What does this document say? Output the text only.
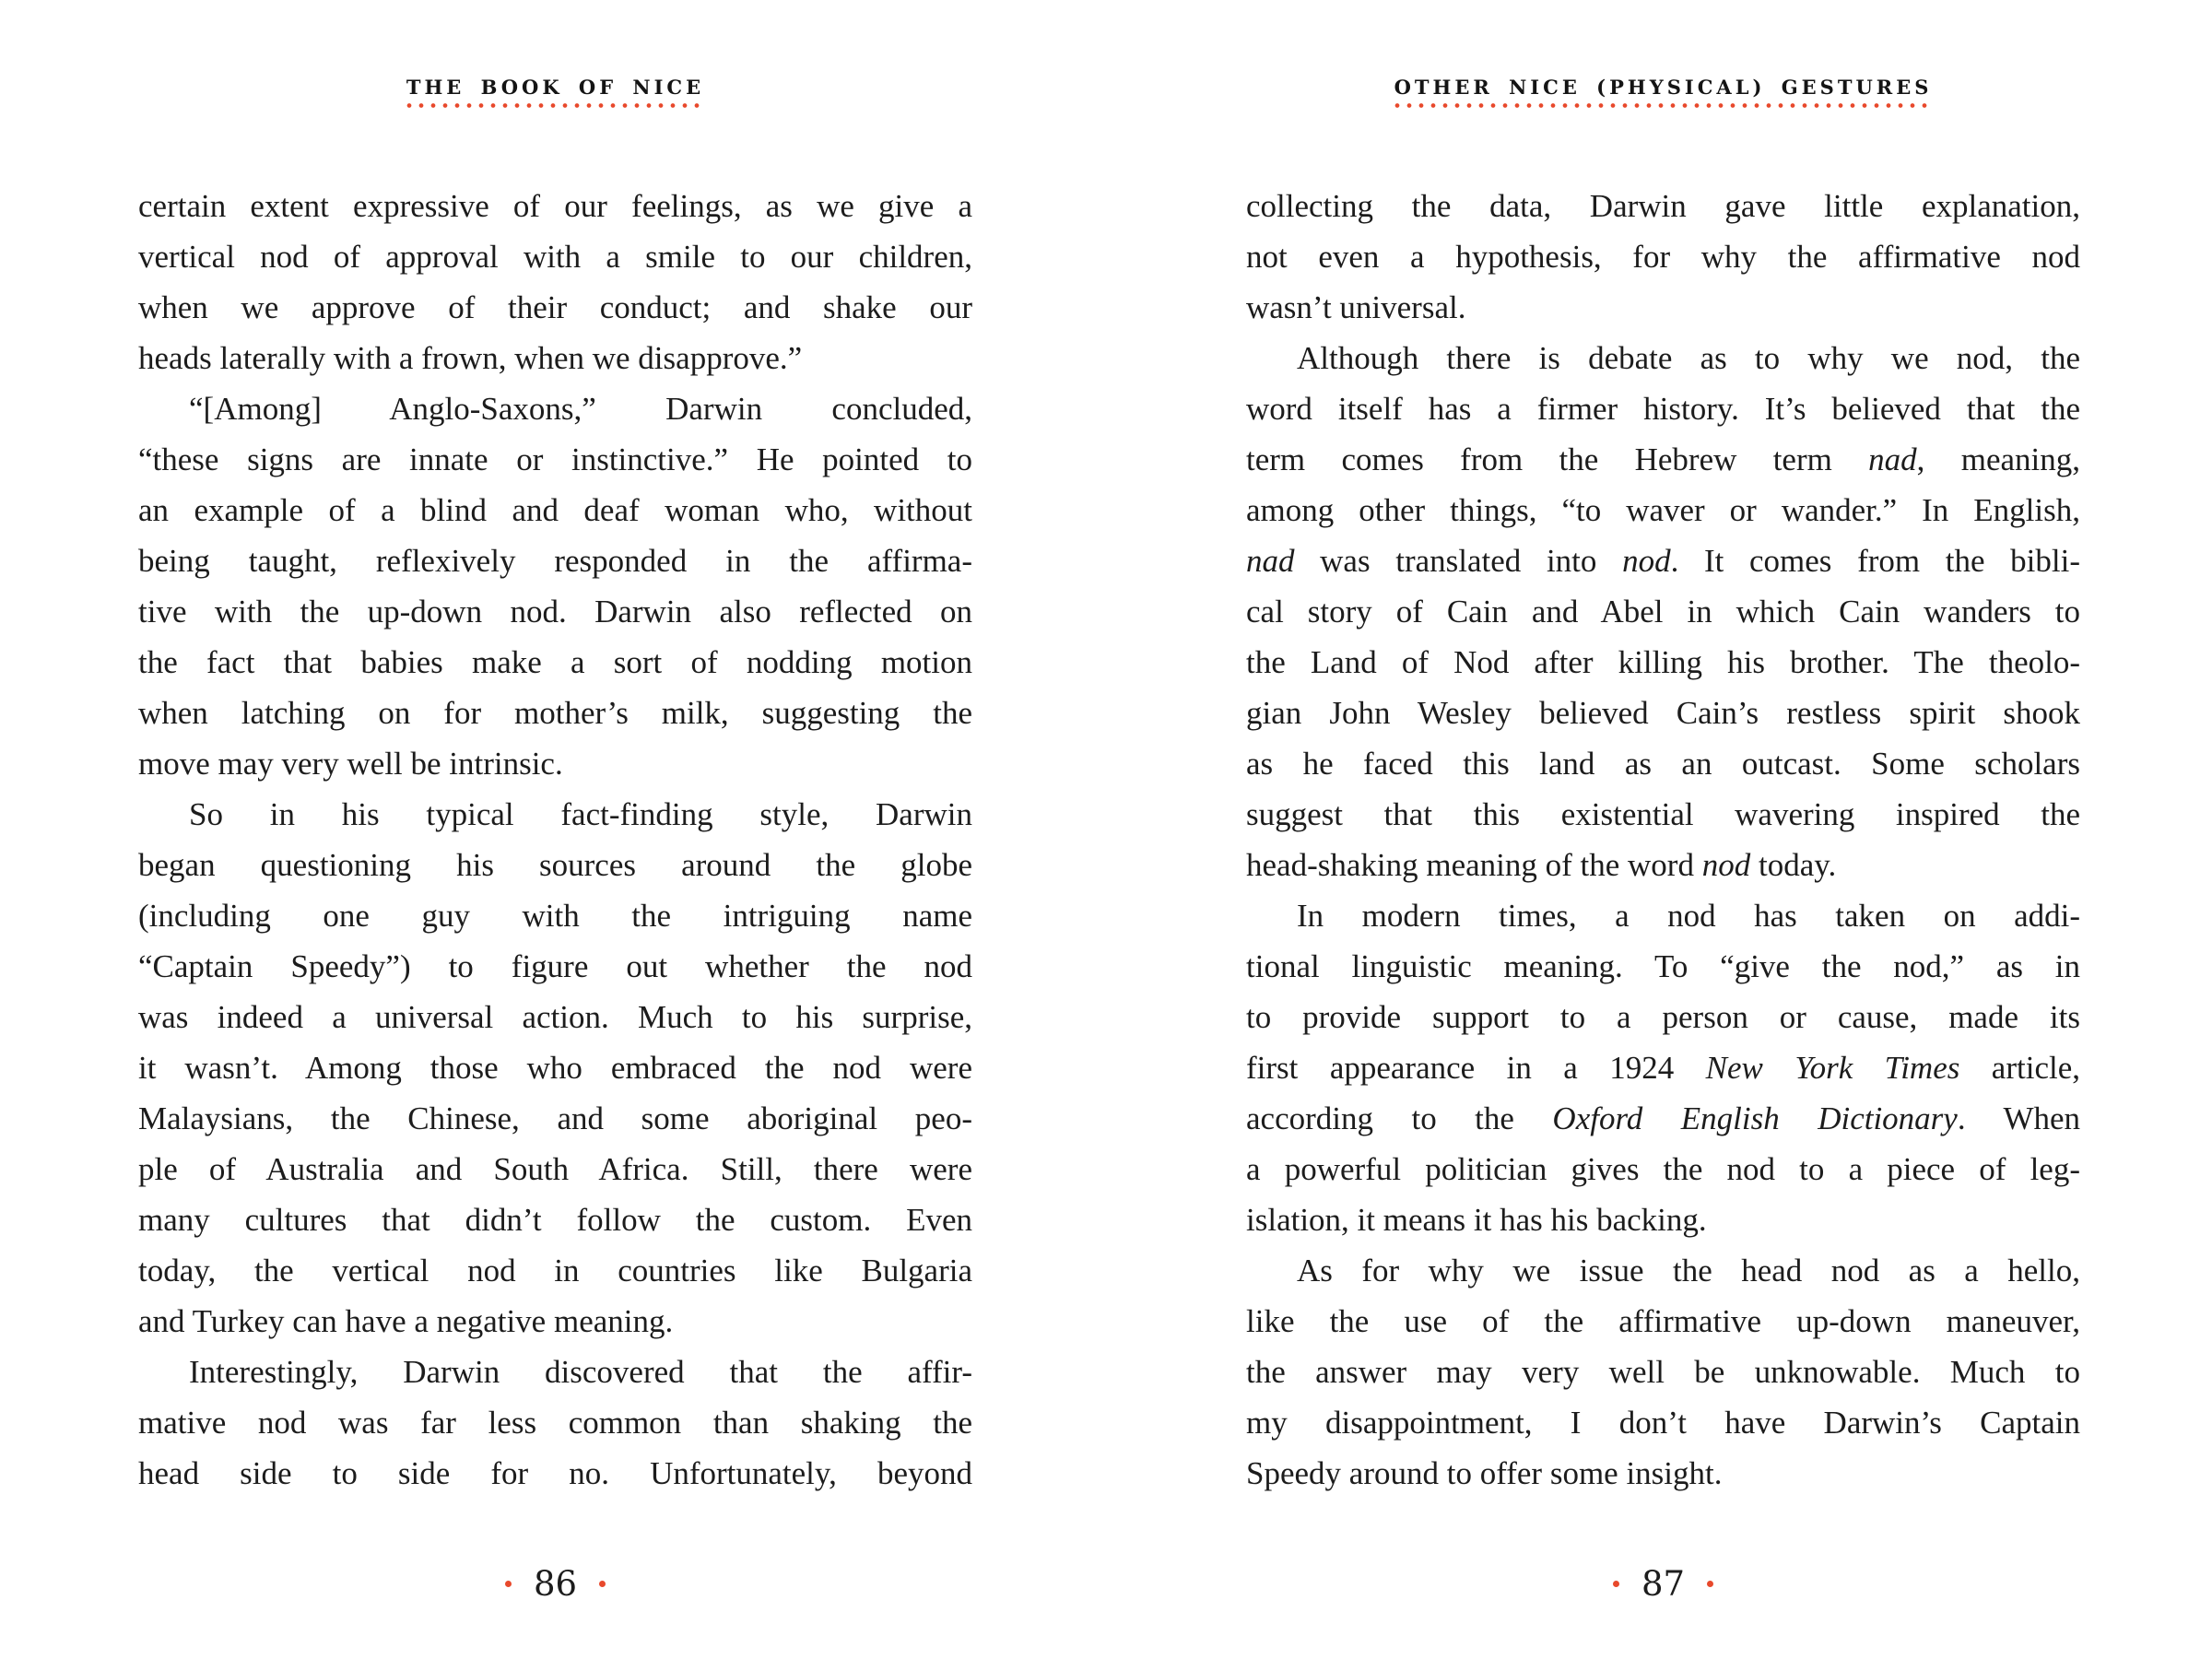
THE BOOK OF NICE	OTHER NICE (PHYSICAL) GESTURES
certain extent expressive of our feelings, as we give a
vertical nod of approval with a smile to our children,
when we approve of their conduct; and shake our
heads laterally with a frown, when we disapprove.”
“[Among] Anglo-Saxons,” Darwin concluded,
“these signs are innate or instinctive.” He pointed to
an example of a blind and deaf woman who, without
being taught, reflexively responded in the affirma-
tive with the up-down nod. Darwin also reflected on
the fact that babies make a sort of nodding motion
when latching on for mother’s milk, suggesting the
move may very well be intrinsic.
So in his typical fact-finding style, Darwin
began questioning his sources around the globe
(including one guy with the intriguing name
“Captain Speedy”) to figure out whether the nod
was indeed a universal action. Much to his surprise,
it wasn’t. Among those who embraced the nod were
Malaysians, the Chinese, and some aboriginal peo-
ple of Australia and South Africa. Still, there were
many cultures that didn’t follow the custom. Even
today, the vertical nod in countries like Bulgaria
and Turkey can have a negative meaning.
Interestingly, Darwin discovered that the affir-
mative nod was far less common than shaking the
head side to side for no. Unfortunately, beyond
collecting the data, Darwin gave little explanation,
not even a hypothesis, for why the affirmative nod
wasn’t universal.
Although there is debate as to why we nod, the
word itself has a firmer history. It’s believed that the
term comes from the Hebrew term nad, meaning,
among other things, “to waver or wander.” In English,
nad was translated into nod. It comes from the bibli-
cal story of Cain and Abel in which Cain wanders to
the Land of Nod after killing his brother. The theolo-
gian John Wesley believed Cain’s restless spirit shook
as he faced this land as an outcast. Some scholars
suggest that this existential wavering inspired the
head-shaking meaning of the word nod today.
In modern times, a nod has taken on addi-
tional linguistic meaning. To “give the nod,” as in
to provide support to a person or cause, made its
first appearance in a 1924 New York Times article,
according to the Oxford English Dictionary. When
a powerful politician gives the nod to a piece of leg-
islation, it means it has his backing.
As for why we issue the head nod as a hello,
like the use of the affirmative up-down maneuver,
the answer may very well be unknowable. Much to
my disappointment, I don’t have Darwin’s Captain
Speedy around to offer some insight.
86	87
